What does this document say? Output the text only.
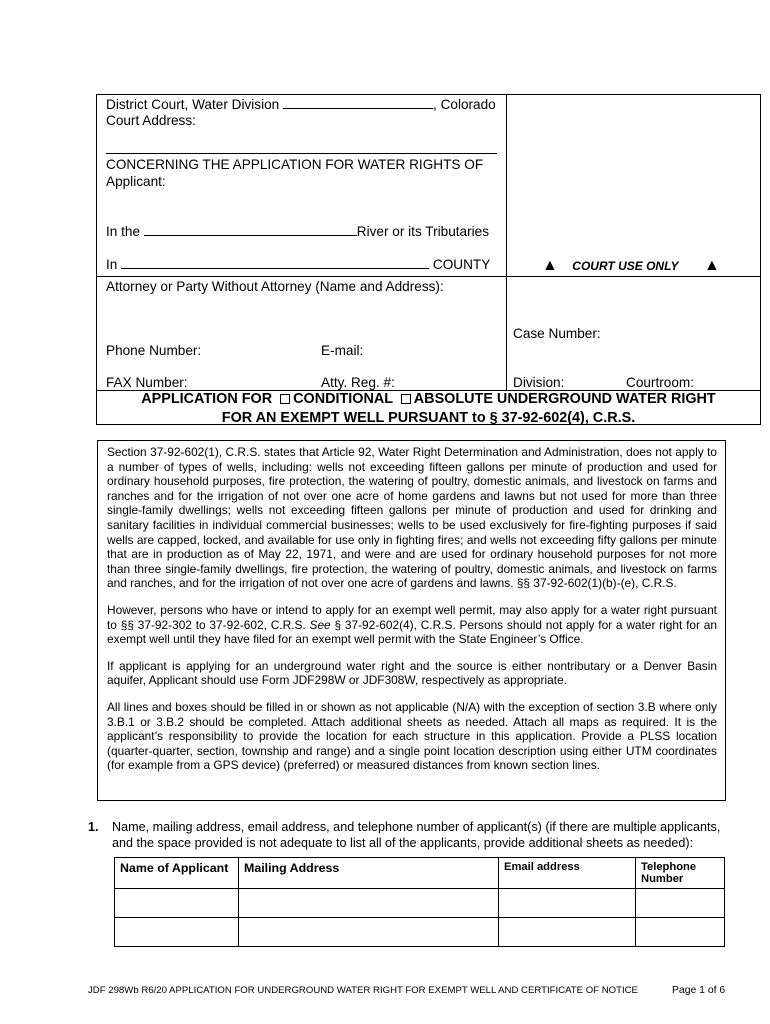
District Court, Water Division	, Colorado
Court Address:
CONCERNING THE APPLICATION FOR WATER RIGHTS OF
Applicant:
In the	River or its Tributaries
In	COUNTY
Attorney or Party Without Attorney (Name and Address):
Phone Number:	E-mail:
FAX Number:	Atty. Reg. #:
▲ COURT USE ONLY ▲
Case Number:
Division:	Courtroom:
APPLICATION FOR CONDITIONAL ABSOLUTE UNDERGROUND WATER RIGHT
FOR AN EXEMPT WELL PURSUANT to § 37-92-602(4), C.R.S.

Section 37-92-602(1), C.R.S. states that Article 92, Water Right Determination and Administration, does not apply to a number of types of wells, including: wells not exceeding fifteen gallons per minute of production and used for ordinary household purposes, fire protection, the watering of poultry, domestic animals, and livestock on farms and ranches and for the irrigation of not over one acre of home gardens and lawns but not used for more than three single-family dwellings; wells not exceeding fifteen gallons per minute of production and used for drinking and sanitary facilities in individual commercial businesses; wells to be used exclusively for fire-fighting purposes if said wells are capped, locked, and available for use only in fighting fires; and wells not exceeding fifty gallons per minute that are in production as of May 22, 1971, and were and are used for ordinary household purposes for not more than three single-family dwellings, fire protection, the watering of poultry, domestic animals, and livestock on farms and ranches, and for the irrigation of not over one acre of gardens and lawns. §§ 37-92-602(1)(b)-(e), C.R.S.

However, persons who have or intend to apply for an exempt well permit, may also apply for a water right pursuant to §§ 37-92-302 to 37-92-602, C.R.S. See § 37-92-602(4), C.R.S. Persons should not apply for a water right for an exempt well until they have filed for an exempt well permit with the State Engineer’s Office.

If applicant is applying for an underground water right and the source is either nontributary or a Denver Basin aquifer, Applicant should use Form JDF298W or JDF308W, respectively as appropriate.

All lines and boxes should be filled in or shown as not applicable (N/A) with the exception of section 3.B where only 3.B.1 or 3.B.2 should be completed. Attach additional sheets as needed. Attach all maps as required. It is the applicant’s responsibility to provide the location for each structure in this application. Provide a PLSS location (quarter-quarter, section, township and range) and a single point location description using either UTM coordinates (for example from a GPS device) (preferred) or measured distances from known section lines.

1. Name, mailing address, email address, and telephone number of applicant(s) (if there are multiple applicants, and the space provided is not adequate to list all of the applicants, provide additional sheets as needed):
Name of Applicant	Mailing Address	Email address	Telephone Number

JDF 298Wb R6/20 APPLICATION FOR UNDERGROUND WATER RIGHT FOR EXEMPT WELL AND CERTIFICATE OF NOTICE	Page 1 of 6
